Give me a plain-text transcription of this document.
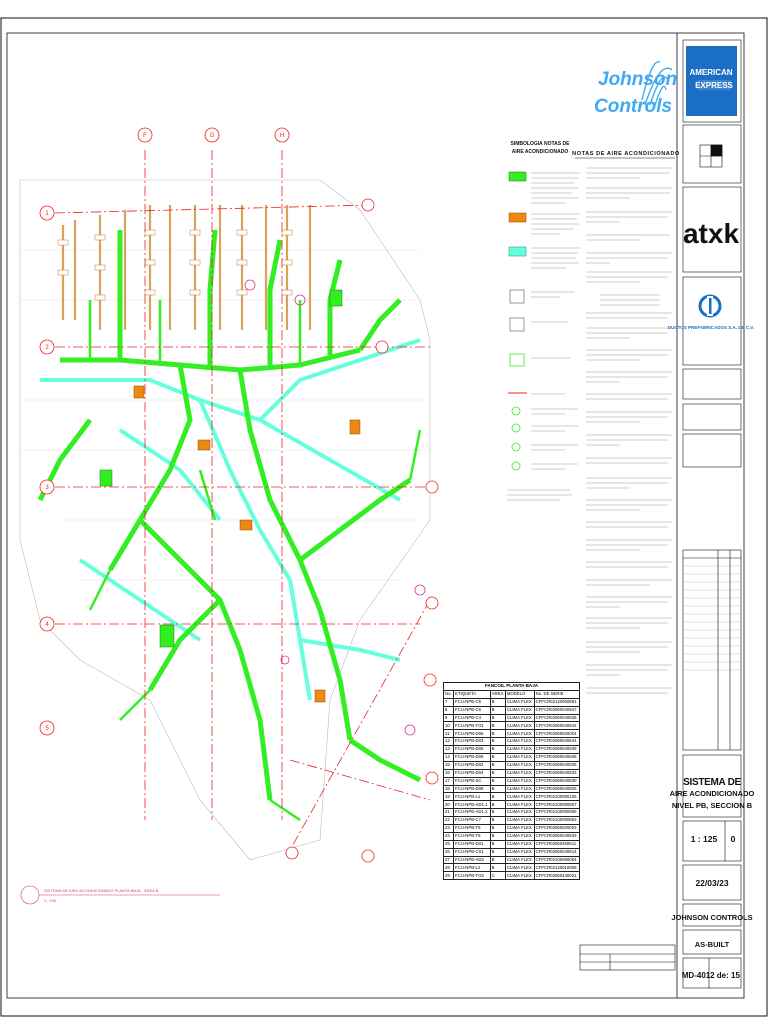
F	G	H
1
2
3
4
5
SISTEMA DE AIRE ACONDICIONADO PLANTA BAJA - ÁREA B
1 : 100
Johnson
Controls
AMERICAN
EXPRESS
atxk
DUCTOS PREFABRICADOS S.A. DE C.V.
SISTEMA DE
AIRE ACONDICIONADO
NIVEL PB, SECCION B
1 : 125 0
22/03/23
JOHNSON CONTROLS
AS-BUILT
MD-401 2 de: 15
SIMBOLOGIA NOTAS DE
AIRE ACONDICIONADO NOTAS DE AIRE ACONDICIONADO
FANCOIL PLANTA BAJA				
No.	ETIQUETA	AREA	MODELO	No. DE SERIE
7	FCU-NPB-C5	B	CLIMA FLEX	CFFCR02120060891
8	FCU-NPB-C6	B	CLIMA FLEX	CFFCR02060040847
9	FCU-NPB-C4	B	CLIMA FLEX	CFFCR02060040835
10	FCU-NPB-TO1	B	CLIMA FLEX	CFFCR02060040842
11	FCU-NPB-D06	B	CLIMA FLEX	CFFCR02060020004
12	FCU-NPB-D03	B	CLIMA FLEX	CFFCR02060040844
13	FCU-NPB-D05	B	CLIMA FLEX	CFFCR02060040839
14	FCU-NPB-D09	B	CLIMA FLEX	CFFCR02060040838
15	FCU-NPB-D02	B	CLIMA FLEX	CFFCR02060040835
16	FCU-NPB-D04	B	CLIMA FLEX	CFFCR02060040833
17	FCU-NPB-SC	B	CLIMA FLEX	CFFCR02060040830
18	FCU-NPB-D08	B	CLIMA FLEX	CFFCR02060040825
19	FCU-NPB-L1	B	CLIMA FLEX	CFFCR02100080106
20	FCU-NPB-AD1.1	B	CLIMA FLEX	CFFCR02100080857
21	FCU-NPB-AD1.2	B	CLIMA FLEX	CFFCR02100080855
22	FCU-NPB-C7	B	CLIMA FLEX	CFFCR02100080853
23	FCU-NPB-T5	B	CLIMA FLEX	CFFCR02060020003
24	FCU-NPB-T6	B	CLIMA FLEX	CFFCR02060040833
25	FCU-NPB-D01	B	CLIMA FLEX	CFFCR02060450511
26	FCU-NPB-CS1	B	CLIMA FLEX	CFFCR02060040814
27	FCU-NPB-AD2	B	CLIMA FLEX	CFFCR02100080004
28	FCU-NPB-L2	B	CLIMA FLEX	CFFCR02120010006
29	FCU-NPB-TO3	C	CLIMA FLEX	CFFCR02060440021
